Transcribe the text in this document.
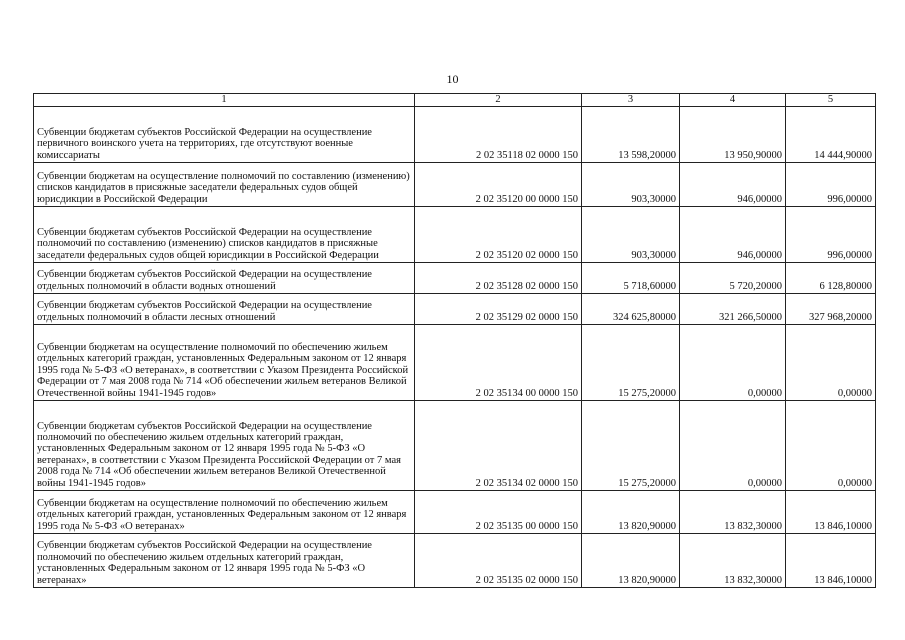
10
1	2	3	4	5
Субвенции бюджетам субъектов Российской Федерации на осуществление первичного воинского учета на территориях, где отсутствуют военные комиссариаты	2 02 35118 02 0000 150	13 598,20000	13 950,90000	14 444,90000
Субвенции бюджетам на осуществление полномочий по составлению (изменению) списков кандидатов в присяжные заседатели федеральных судов общей юрисдикции в Российской Федерации	2 02 35120 00 0000 150	903,30000	946,00000	996,00000
Субвенции бюджетам субъектов Российской Федерации на осуществление полномочий по составлению (изменению) списков кандидатов в присяжные заседатели федеральных судов общей юрисдикции в Российской Федерации	2 02 35120 02 0000 150	903,30000	946,00000	996,00000
Субвенции бюджетам субъектов Российской Федерации на осуществление отдельных полномочий в области водных отношений	2 02 35128 02 0000 150	5 718,60000	5 720,20000	6 128,80000
Субвенции бюджетам субъектов Российской Федерации на осуществление отдельных полномочий в области лесных отношений	2 02 35129 02 0000 150	324 625,80000	321 266,50000	327 968,20000
Субвенции бюджетам на осуществление полномочий по обеспечению жильем отдельных категорий граждан, установленных Федеральным законом от 12 января 1995 года № 5-ФЗ «О ветеранах», в соответствии с Указом Президента Российской Федерации от 7 мая 2008 года № 714 «Об обеспечении жильем ветеранов Великой Отечественной войны 1941-1945 годов»	2 02 35134 00 0000 150	15 275,20000	0,00000	0,00000
Субвенции бюджетам субъектов Российской Федерации на осуществление полномочий по обеспечению жильем отдельных категорий граждан, установленных Федеральным законом от 12 января 1995 года № 5-ФЗ «О ветеранах», в соответствии с Указом Президента Российской Федерации от 7 мая 2008 года № 714 «Об обеспечении жильем ветеранов Великой Отечественной войны 1941-1945 годов»	2 02 35134 02 0000 150	15 275,20000	0,00000	0,00000
Субвенции бюджетам на осуществление полномочий по обеспечению жильем отдельных категорий граждан, установленных Федеральным законом от 12 января 1995 года № 5-ФЗ «О ветеранах»	2 02 35135 00 0000 150	13 820,90000	13 832,30000	13 846,10000
Субвенции бюджетам субъектов Российской Федерации на осуществление полномочий по обеспечению жильем отдельных категорий граждан, установленных Федеральным законом от 12 января 1995 года № 5-ФЗ «О ветеранах»	2 02 35135 02 0000 150	13 820,90000	13 832,30000	13 846,10000
